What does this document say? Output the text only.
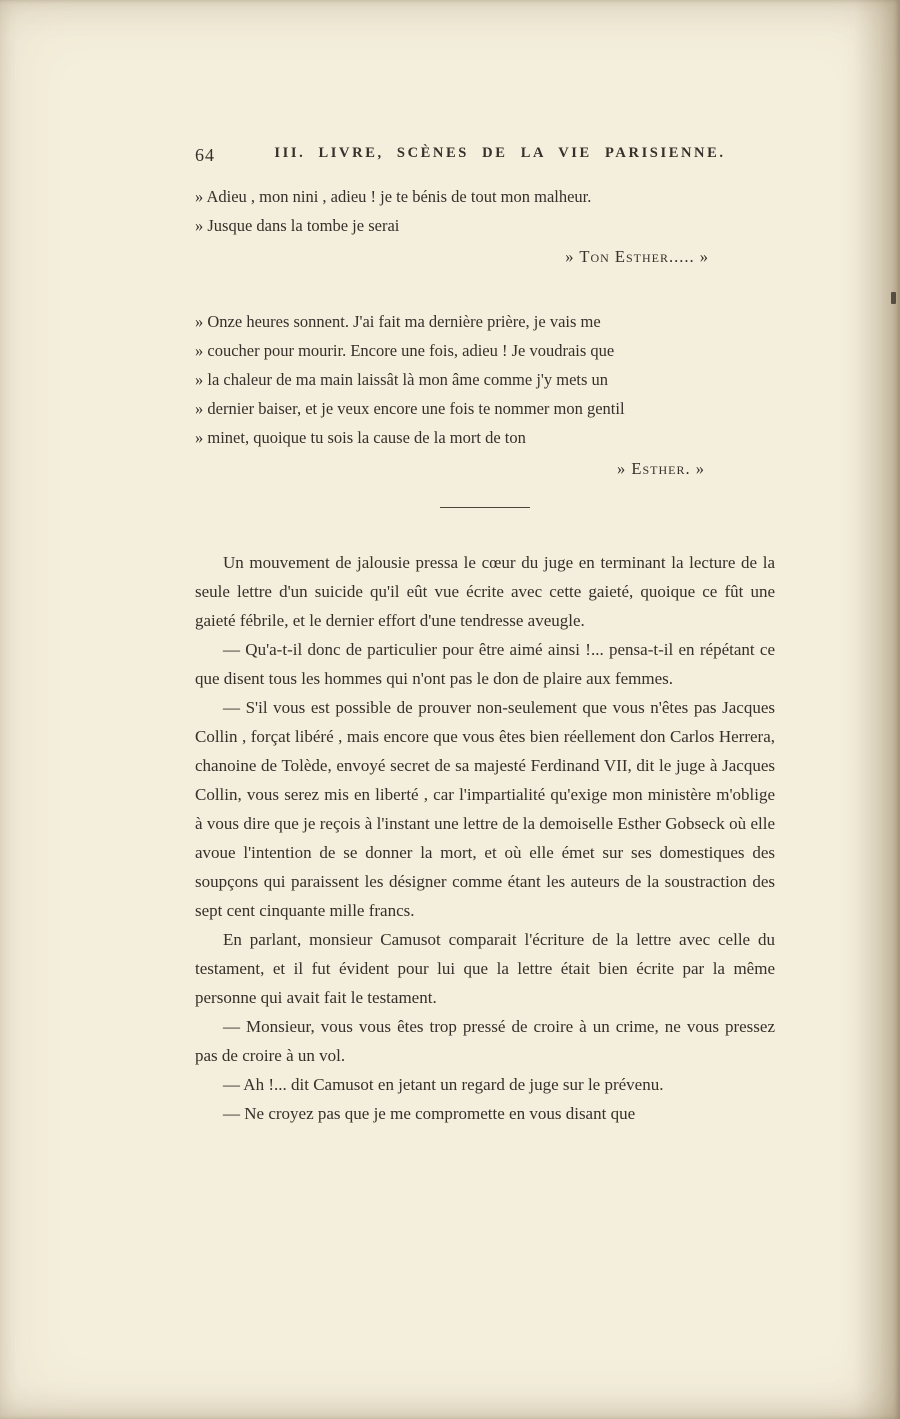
64	III. LIVRE, SCÈNES DE LA VIE PARISIENNE.
» Adieu , mon nini , adieu ! je te bénis de tout mon malheur.
» Jusque dans la tombe je serai
» Ton Esther..... »
» Onze heures sonnent. J'ai fait ma dernière prière, je vais me
» coucher pour mourir. Encore une fois, adieu ! Je voudrais que
» la chaleur de ma main laissât là mon âme comme j'y mets un
» dernier baiser, et je veux encore une fois te nommer mon gentil
» minet, quoique tu sois la cause de la mort de ton
» Esther. »

Un mouvement de jalousie pressa le cœur du juge en terminant la lecture de la seule lettre d'un suicide qu'il eût vue écrite avec cette gaieté, quoique ce fût une gaieté fébrile, et le dernier effort d'une tendresse aveugle.

— Qu'a-t-il donc de particulier pour être aimé ainsi !... pensa-t-il en répétant ce que disent tous les hommes qui n'ont pas le don de plaire aux femmes.

— S'il vous est possible de prouver non-seulement que vous n'êtes pas Jacques Collin , forçat libéré , mais encore que vous êtes bien réellement don Carlos Herrera, chanoine de Tolède, envoyé secret de sa majesté Ferdinand VII, dit le juge à Jacques Collin, vous serez mis en liberté , car l'impartialité qu'exige mon ministère m'oblige à vous dire que je reçois à l'instant une lettre de la demoiselle Esther Gobseck où elle avoue l'intention de se donner la mort, et où elle émet sur ses domestiques des soupçons qui paraissent les désigner comme étant les auteurs de la soustraction des sept cent cinquante mille francs.

En parlant, monsieur Camusot comparait l'écriture de la lettre avec celle du testament, et il fut évident pour lui que la lettre était bien écrite par la même personne qui avait fait le testament.

— Monsieur, vous vous êtes trop pressé de croire à un crime, ne vous pressez pas de croire à un vol.

— Ah !... dit Camusot en jetant un regard de juge sur le prévenu.

— Ne croyez pas que je me compromette en vous disant que
